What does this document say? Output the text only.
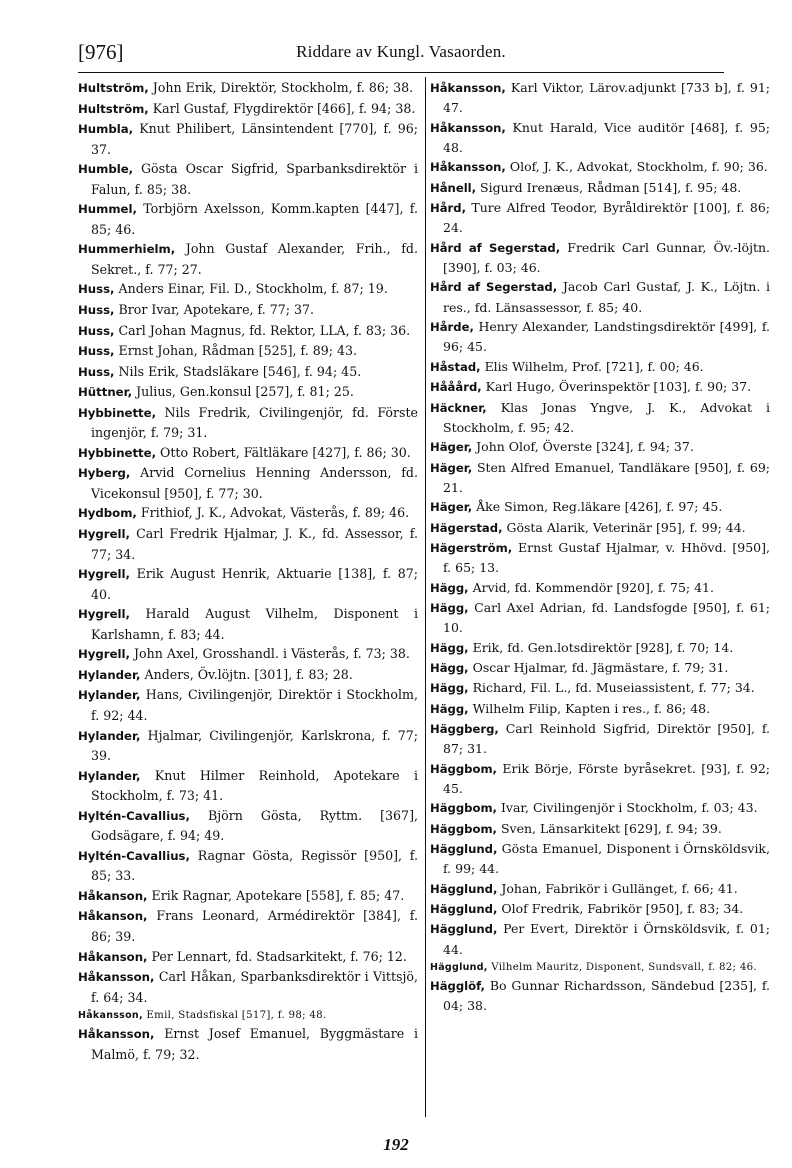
[976]	Riddare av Kungl. Vasaorden.

Hultström, John Erik, Direktör, Stockholm, f. 86; 38.

Hultström, Karl Gustaf, Flygdirektör [466], f. 94; 38.

Humbla, Knut Philibert, Länsintendent [770], f. 96; 37.

Humble, Gösta Oscar Sigfrid, Sparbanksdirektör i Falun, f. 85; 38.

Hummel, Torbjörn Axelsson, Komm.kapten [447], f. 85; 46.

Hummerhielm, John Gustaf Alexander, Frih., fd. Sekret., f. 77; 27.

Huss, Anders Einar, Fil. D., Stockholm, f. 87; 19.

Huss, Bror Ivar, Apotekare, f. 77; 37.

Huss, Carl Johan Magnus, fd. Rektor, LLA, f. 83; 36.

Huss, Ernst Johan, Rådman [525], f. 89; 43.

Huss, Nils Erik, Stadsläkare [546], f. 94; 45.

Hüttner, Julius, Gen.konsul [257], f. 81; 25.

Hybbinette, Nils Fredrik, Civilingenjör, fd. Förste ingenjör, f. 79; 31.

Hybbinette, Otto Robert, Fältläkare [427], f. 86; 30.

Hyberg, Arvid Cornelius Henning Andersson, fd. Vicekonsul [950], f. 77; 30.

Hydbom, Frithiof, J. K., Advokat, Västerås, f. 89; 46.

Hygrell, Carl Fredrik Hjalmar, J. K., fd. Assessor, f. 77; 34.

Hygrell, Erik August Henrik, Aktuarie [138], f. 87; 40.

Hygrell, Harald August Vilhelm, Disponent i Karlshamn, f. 83; 44.

Hygrell, John Axel, Grosshandl. i Västerås, f. 73; 38.

Hylander, Anders, Öv.löjtn. [301], f. 83; 28.

Hylander, Hans, Civilingenjör, Direktör i Stockholm, f. 92; 44.

Hylander, Hjalmar, Civilingenjör, Karlskrona, f. 77; 39.

Hylander, Knut Hilmer Reinhold, Apotekare i Stockholm, f. 73; 41.

Hyltén-Cavallius, Björn Gösta, Ryttm. [367], Godsägare, f. 94; 49.

Hyltén-Cavallius, Ragnar Gösta, Regissör [950], f. 85; 33.

Håkanson, Erik Ragnar, Apotekare [558], f. 85; 47.

Håkanson, Frans Leonard, Armédirektör [384], f. 86; 39.

Håkanson, Per Lennart, fd. Stadsarkitekt, f. 76; 12.

Håkansson, Carl Håkan, Sparbanksdirektör i Vittsjö, f. 64; 34.

Håkansson, Emil, Stadsfiskal [517], f. 98; 48.

Håkansson, Ernst Josef Emanuel, Byggmästare i Malmö, f. 79; 32.

Håkansson, Karl Viktor, Lärov.adjunkt [733 b], f. 91; 47.

Håkansson, Knut Harald, Vice auditör [468], f. 95; 48.

Håkansson, Olof, J. K., Advokat, Stockholm, f. 90; 36.

Hånell, Sigurd Irenæus, Rådman [514], f. 95; 48.

Hård, Ture Alfred Teodor, Byråldirektör [100], f. 86; 24.

Hård af Segerstad, Fredrik Carl Gunnar, Öv.-löjtn. [390], f. 03; 46.

Hård af Segerstad, Jacob Carl Gustaf, J. K., Löjtn. i res., fd. Länsassessor, f. 85; 40.

Hårde, Henry Alexander, Landstingsdirektör [499], f. 96; 45.

Håstad, Elis Wilhelm, Prof. [721], f. 00; 46.

Hååård, Karl Hugo, Överinspektör [103], f. 90; 37.

Häckner, Klas Jonas Yngve, J. K., Advokat i Stockholm, f. 95; 42.

Häger, John Olof, Överste [324], f. 94; 37.

Häger, Sten Alfred Emanuel, Tandläkare [950], f. 69; 21.

Häger, Åke Simon, Reg.läkare [426], f. 97; 45.

Hägerstad, Gösta Alarik, Veterinär [95], f. 99; 44.

Hägerström, Ernst Gustaf Hjalmar, v. Hhövd. [950], f. 65; 13.

Hägg, Arvid, fd. Kommendör [920], f. 75; 41.

Hägg, Carl Axel Adrian, fd. Landsfogde [950], f. 61; 10.

Hägg, Erik, fd. Gen.lotsdirektör [928], f. 70; 14.

Hägg, Oscar Hjalmar, fd. Jägmästare, f. 79; 31.

Hägg, Richard, Fil. L., fd. Museiassistent, f. 77; 34.

Hägg, Wilhelm Filip, Kapten i res., f. 86; 48.

Häggberg, Carl Reinhold Sigfrid, Direktör [950], f. 87; 31.

Häggbom, Erik Börje, Förste byråsekret. [93], f. 92; 45.

Häggbom, Ivar, Civilingenjör i Stockholm, f. 03; 43.

Häggbom, Sven, Länsarkitekt [629], f. 94; 39.

Hägglund, Gösta Emanuel, Disponent i Örnsköldsvik, f. 99; 44.

Hägglund, Johan, Fabrikör i Gullänget, f. 66; 41.

Hägglund, Olof Fredrik, Fabrikör [950], f. 83; 34.

Hägglund, Per Evert, Direktör i Örnsköldsvik, f. 01; 44.

Hägglund, Vilhelm Mauritz, Disponent, Sundsvall, f. 82; 46.

Hägglöf, Bo Gunnar Richardsson, Sändebud [235], f. 04; 38.

192
